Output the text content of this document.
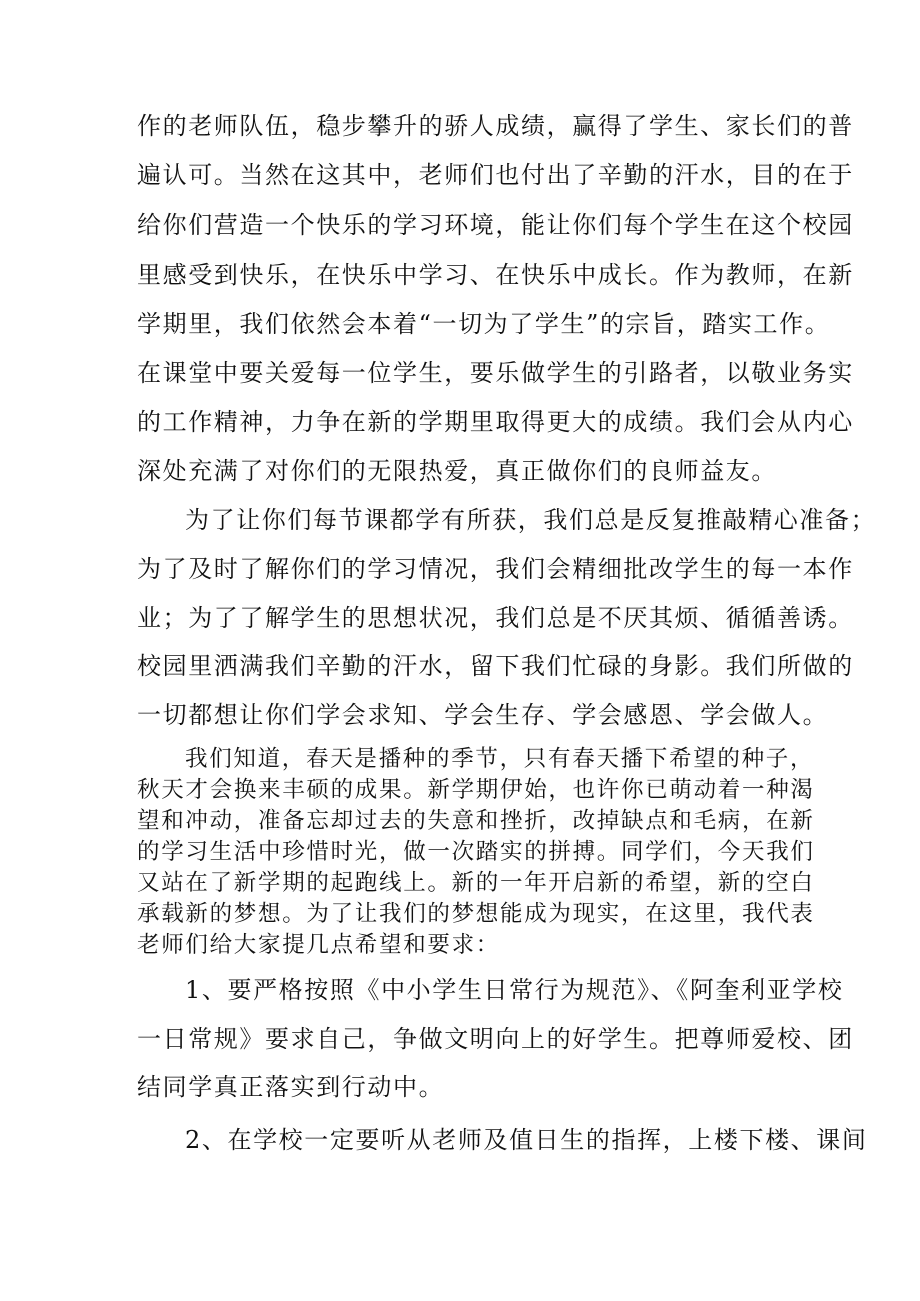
作的老师队伍，稳步攀升的骄人成绩，赢得了学生、家长们的普
遍认可。当然在这其中，老师们也付出了辛勤的汗水，目的在于
给你们营造一个快乐的学习环境，能让你们每个学生在这个校园
里感受到快乐，在快乐中学习、在快乐中成长。作为教师，在新
学期里，我们依然会本着“一切为了学生”的宗旨，踏实工作。
在课堂中要关爱每一位学生，要乐做学生的引路者，以敬业务实
的工作精神，力争在新的学期里取得更大的成绩。我们会从内心
深处充满了对你们的无限热爱，真正做你们的良师益友。
为了让你们每节课都学有所获，我们总是反复推敲精心准备；
为了及时了解你们的学习情况，我们会精细批改学生的每一本作
业；为了了解学生的思想状况，我们总是不厌其烦、循循善诱。
校园里洒满我们辛勤的汗水，留下我们忙碌的身影。我们所做的
一切都想让你们学会求知、学会生存、学会感恩、学会做人。
我们知道，春天是播种的季节，只有春天播下希望的种子，
秋天才会换来丰硕的成果。新学期伊始，也许你已萌动着一种渴
望和冲动，准备忘却过去的失意和挫折，改掉缺点和毛病，在新
的学习生活中珍惜时光，做一次踏实的拼搏。同学们，今天我们
又站在了新学期的起跑线上。新的一年开启新的希望，新的空白
承载新的梦想。为了让我们的梦想能成为现实，在这里，我代表
老师们给大家提几点希望和要求：
1、要严格按照《中小学生日常行为规范》、《阿奎利亚学校
一日常规》要求自己，争做文明向上的好学生。把尊师爱校、团
结同学真正落实到行动中。
2、在学校一定要听从老师及值日生的指挥，上楼下楼、课间
